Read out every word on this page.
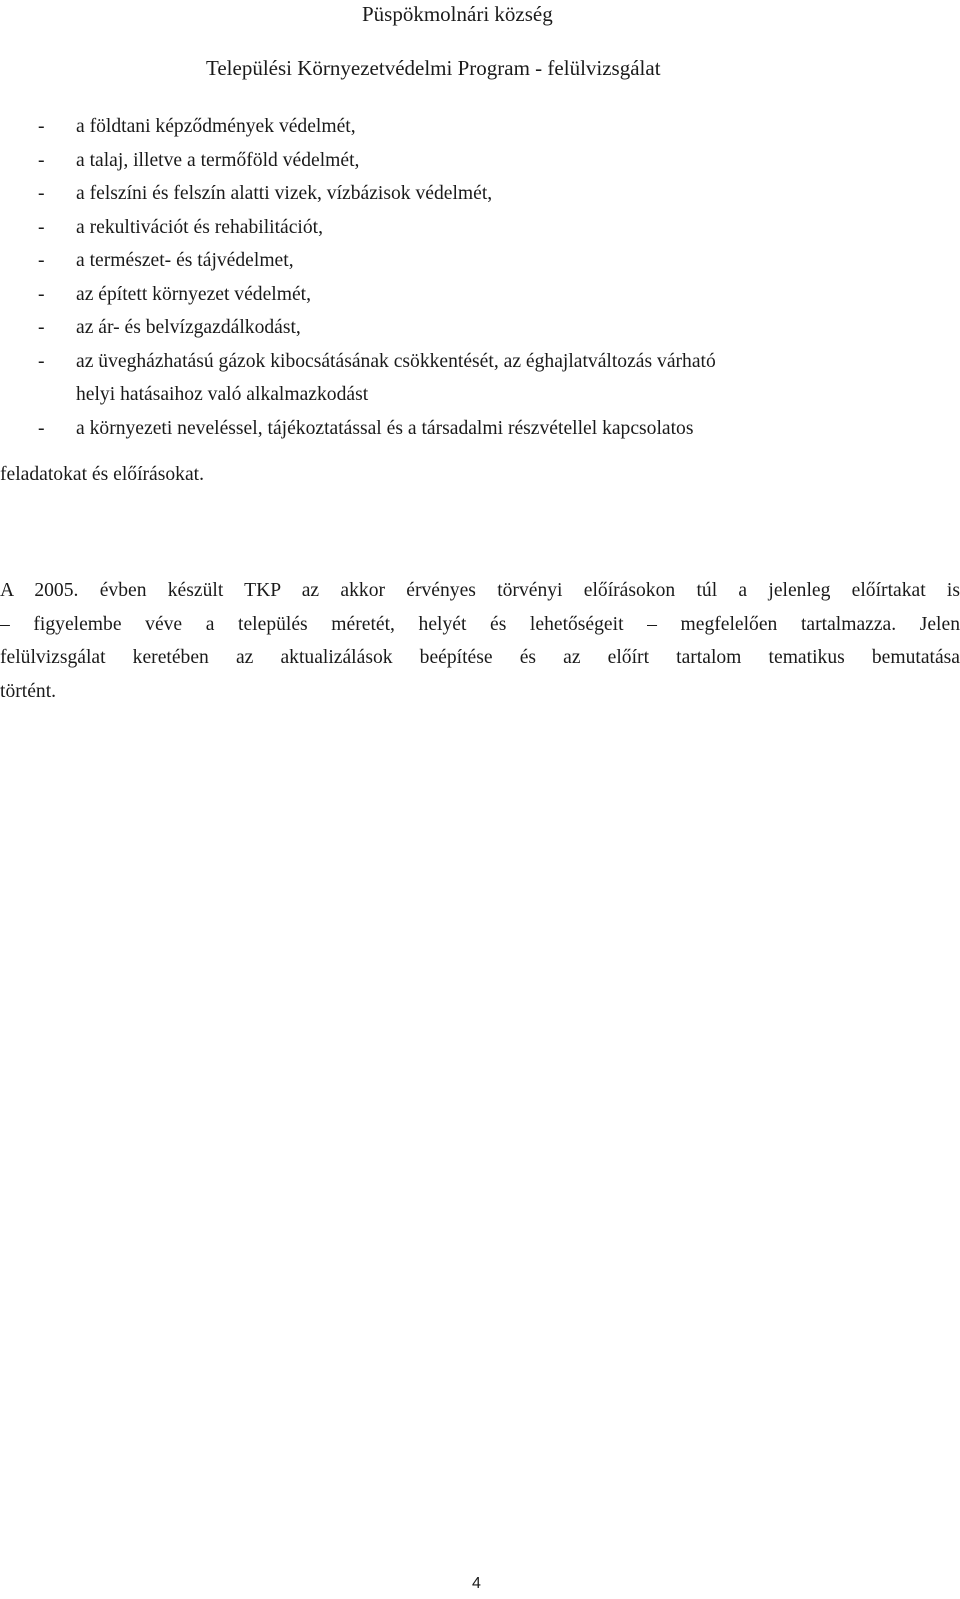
Püspökmolnári község
Települési Környezetvédelmi Program - felülvizsgálat
- a földtani képződmények védelmét,
- a talaj, illetve a termőföld védelmét,
- a felszíni és felszín alatti vizek, vízbázisok védelmét,
- a rekultivációt és rehabilitációt,
- a természet- és tájvédelmet,
- az épített környezet védelmét,
- az ár- és belvízgazdálkodást,
- az üvegházhatású gázok kibocsátásának csökkentését, az éghajlatváltozás várható
helyi hatásaihoz való alkalmazkodást
- a környezeti neveléssel, tájékoztatással és a társadalmi részvétellel kapcsolatos
feladatokat és előírásokat.
A 2005. évben készült TKP az akkor érvényes törvényi előírásokon túl a jelenleg előírtakat is
– figyelembe véve a település méretét, helyét és lehetőségeit – megfelelően tartalmazza. Jelen
felülvizsgálat keretében az aktualizálások beépítése és az előírt tartalom tematikus bemutatása
történt.
4
